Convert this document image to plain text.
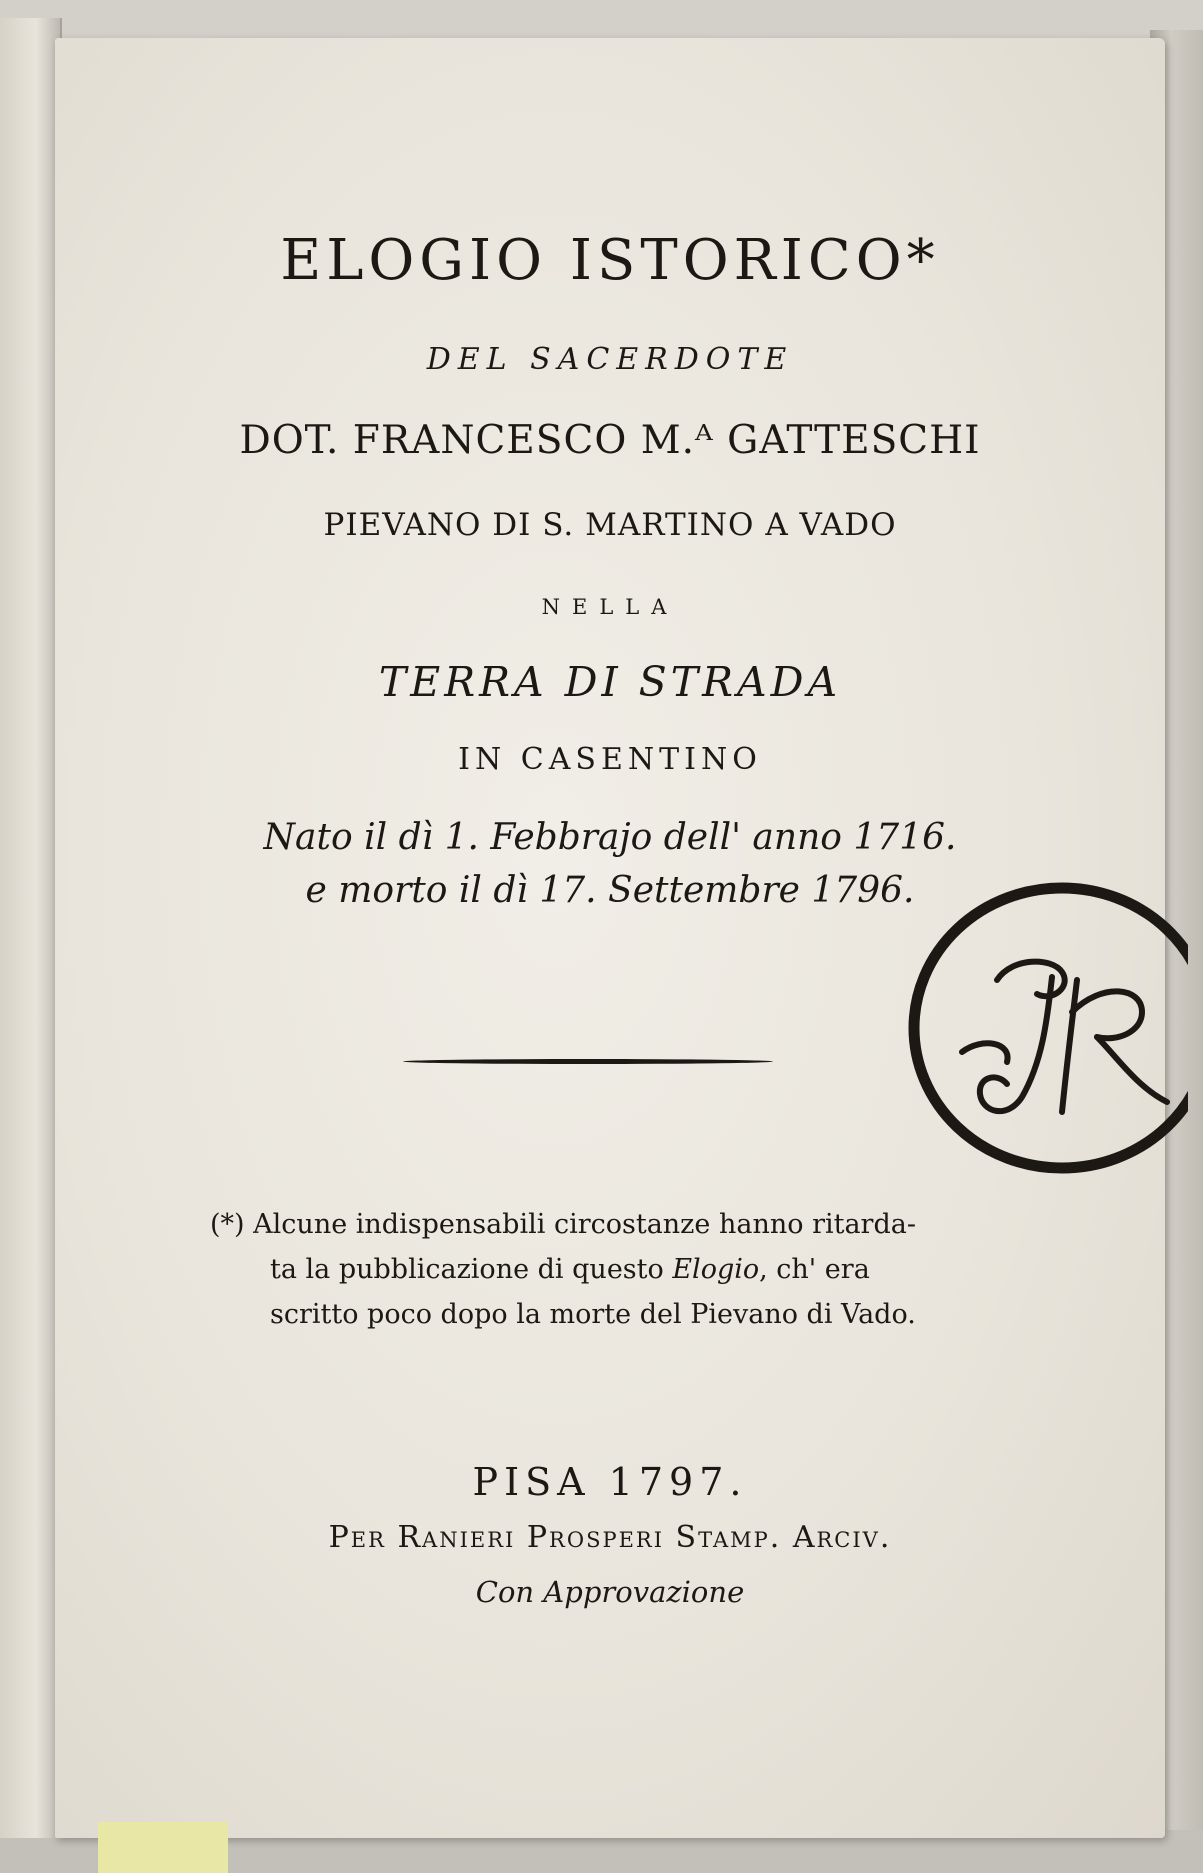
ELOGIO ISTORICO*
DEL SACERDOTE
DOT. FRANCESCO M.ᴬ GATTESCHI
PIEVANO DI S. MARTINO A VADO
NELLA
TERRA DI STRADA
IN CASENTINO
Nato il dì 1. Febbrajo dell' anno 1716.
e morto il dì 17. Settembre 1796.
(*) Alcune indispensabili circostanze hanno ritarda-
ta la pubblicazione di questo Elogio, ch' era
scritto poco dopo la morte del Pievano di Vado.
PISA 1797.
Per Ranieri Prosperi Stamp. Arciv.
Con Approvazione
JR
